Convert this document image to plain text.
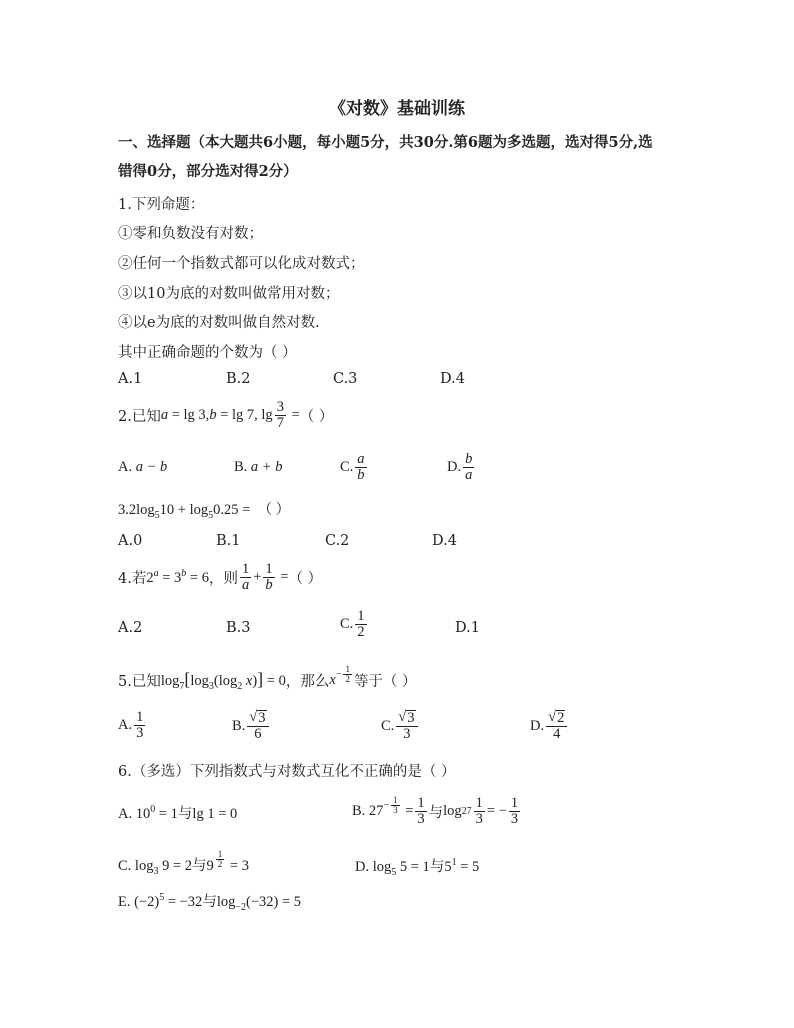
《对数》基础训练
一、选择题（本大题共6小题，每小题5分，共30分.第6题为多选题，选对得5分,选
错得0分，部分选对得2分）
1.下列命题：
①零和负数没有对数；
②任何一个指数式都可以化成对数式；
③以10为底的对数叫做常用对数；
④以e为底的对数叫做自然对数.
其中正确命题的个数为（ ）
A.1	B.2	C.3	D.4
2.已知 a = lg 3,b = lg 7, $\lg \frac{3}{7}$ = （ ）
A. a − b	B. a + b	C. $\frac{a}{b}$	D. $\frac{b}{a}$
$3.2\log_510 + \log_50.25$ =  （ ）
A.0	B.1	C.2	D.4
4.若 $2^a = 3^b = 6$ ，则 $\frac{1}{a} + \frac{1}{b}$ = （ ）
A.2	B.3	C. $\frac{1}{2}$	D.1
5.已知 $\log_7[\log_3(\log_2$ x)] = 0 ，那么 $x^{- \frac{1}{2}}$ 等于（ ）
A. $\frac{1}{3}$	B. $\frac{√ 3}{6}$	C. $\frac{√ 3}{3}$	D. $\frac{√ 2}{4}$
6.（多选）下列指数式与对数式互化不正确的是（ ）
A. $10^0 = 1$与lg 1 = 0	B. $27^{- \frac{1}{3}} = \frac{1}{3}$ 与 $\log 27 \frac{1}{3}$ = − $\frac{1}{3}$
C. $\log_3 9 = 2$与9 $^{\frac{1}{2}}$ = 3	D. $\log_5 5 = 1$与$5^1 = 5$
E. $(-2)^5 = -32$与$\log_{-2}(-32) = 5$
